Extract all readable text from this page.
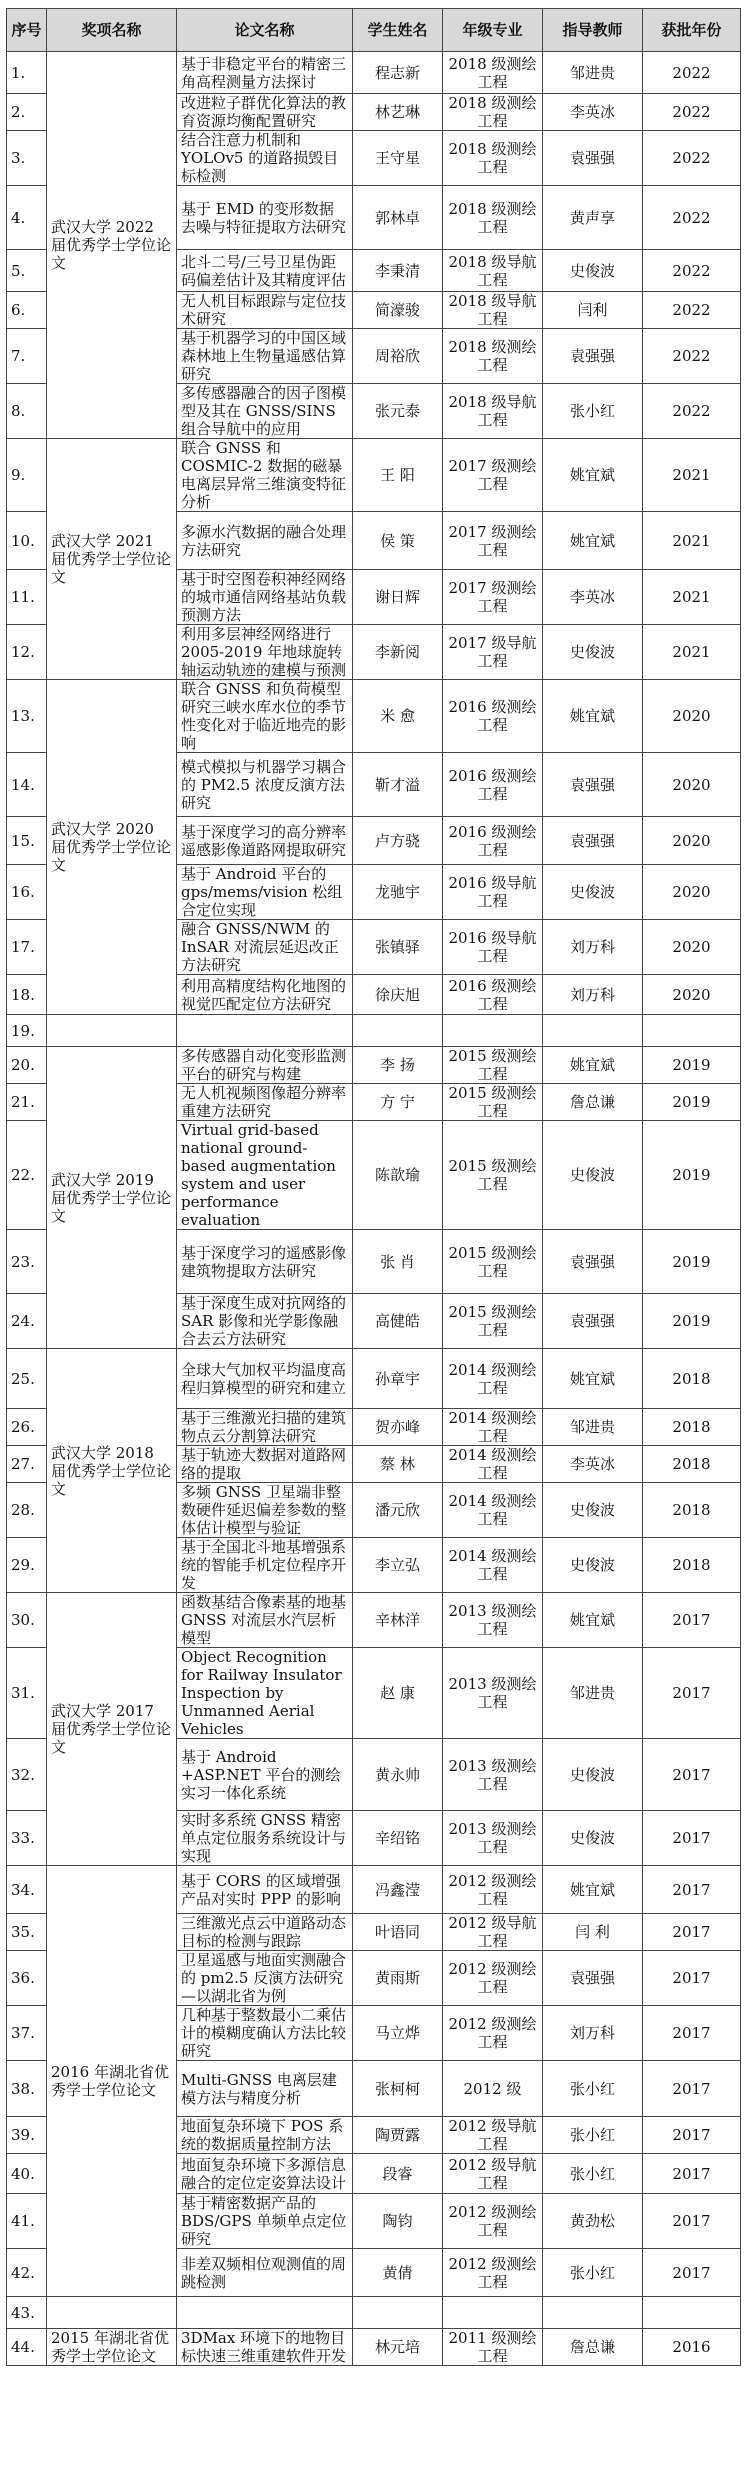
序号	奖项名称	论文名称	学生姓名	年级专业	指导教师	获批年份
1.	武汉大学 2022 届优秀学士学位论文	基于非稳定平台的精密三角高程测量方法探讨	程志新	2018 级测绘工程	邹进贵	2022
2.		改进粒子群优化算法的教育资源均衡配置研究	林艺琳	2018 级测绘工程	李英冰	2022
3.		结合注意力机制和 YOLOv5 的道路损毁目标检测	王守星	2018 级测绘工程	袁强强	2022
4.		基于 EMD 的变形数据去噪与特征提取方法研究	郭林卓	2018 级测绘工程	黄声享	2022
5.		北斗二号/三号卫星伪距码偏差估计及其精度评估	李秉清	2018 级导航工程	史俊波	2022
6.		无人机目标跟踪与定位技术研究	简濠骏	2018 级导航工程	闫利	2022
7.		基于机器学习的中国区域森林地上生物量遥感估算研究	周裕欣	2018 级测绘工程	袁强强	2022
8.		多传感器融合的因子图模型及其在 GNSS/SINS 组合导航中的应用	张元泰	2018 级导航工程	张小红	2022
9.	武汉大学 2021 届优秀学士学位论文	联合 GNSS 和 COSMIC-2 数据的磁暴电离层异常三维演变特征分析	王 阳	2017 级测绘工程	姚宜斌	2021
10.		多源水汽数据的融合处理方法研究	侯 策	2017 级测绘工程	姚宜斌	2021
11.		基于时空图卷积神经网络的城市通信网络基站负载预测方法	谢日辉	2017 级测绘工程	李英冰	2021
12.		利用多层神经网络进行 2005-2019 年地球旋转轴运动轨迹的建模与预测	李新阅	2017 级导航工程	史俊波	2021
13.	武汉大学 2020 届优秀学士学位论文	联合 GNSS 和负荷模型研究三峡水库水位的季节性变化对于临近地壳的影响	米 愈	2016 级测绘工程	姚宜斌	2020
14.		模式模拟与机器学习耦合的 PM2.5 浓度反演方法研究	靳才溢	2016 级测绘工程	袁强强	2020
15.		基于深度学习的高分辨率遥感影像道路网提取研究	卢方骁	2016 级测绘工程	袁强强	2020
16.		基于 Android 平台的 gps/mems/vision 松组合定位实现	龙驰宇	2016 级导航工程	史俊波	2020
17.		融合 GNSS/NWM 的 InSAR 对流层延迟改正方法研究	张镇驿	2016 级导航工程	刘万科	2020
18.		利用高精度结构化地图的视觉匹配定位方法研究	徐庆旭	2016 级测绘工程	刘万科	2020
19.						
20.	武汉大学 2019 届优秀学士学位论文	多传感器自动化变形监测平台的研究与构建	李 扬	2015 级测绘工程	姚宜斌	2019
21.		无人机视频图像超分辨率重建方法研究	方 宁	2015 级测绘工程	詹总谦	2019
22.		Virtual grid-based national ground-based augmentation system and user performance evaluation	陈歆瑜	2015 级测绘工程	史俊波	2019
23.		基于深度学习的遥感影像建筑物提取方法研究	张 肖	2015 级测绘工程	袁强强	2019
24.		基于深度生成对抗网络的 SAR 影像和光学影像融合去云方法研究	高健皓	2015 级测绘工程	袁强强	2019
25.	武汉大学 2018 届优秀学士学位论文	全球大气加权平均温度高程归算模型的研究和建立	孙章宇	2014 级测绘工程	姚宜斌	2018
26.		基于三维激光扫描的建筑物点云分割算法研究	贺亦峰	2014 级测绘工程	邹进贵	2018
27.		基于轨迹大数据对道路网络的提取	蔡 林	2014 级测绘工程	李英冰	2018
28.		多频 GNSS 卫星端非整数硬件延迟偏差参数的整体估计模型与验证	潘元欣	2014 级测绘工程	史俊波	2018
29.		基于全国北斗地基增强系统的智能手机定位程序开发	李立弘	2014 级测绘工程	史俊波	2018
30.	武汉大学 2017 届优秀学士学位论文	函数基结合像素基的地基 GNSS 对流层水汽层析模型	辛林洋	2013 级测绘工程	姚宜斌	2017
31.		Object Recognition for Railway Insulator Inspection by Unmanned Aerial Vehicles	赵 康	2013 级测绘工程	邹进贵	2017
32.		基于 Android +ASP.NET 平台的测绘实习一体化系统	黄永帅	2013 级测绘工程	史俊波	2017
33.		实时多系统 GNSS 精密单点定位服务系统设计与实现	辛绍铭	2013 级测绘工程	史俊波	2017
34.	2016 年湖北省优秀学士学位论文	基于 CORS 的区域增强产品对实时 PPP 的影响	冯鑫滢	2012 级测绘工程	姚宜斌	2017
35.		三维激光点云中道路动态目标的检测与跟踪	叶语同	2012 级导航工程	闫 利	2017
36.		卫星遥感与地面实测融合的 pm2.5 反演方法研究—以湖北省为例	黄雨斯	2012 级测绘工程	袁强强	2017
37.		几种基于整数最小二乘估计的模糊度确认方法比较研究	马立烨	2012 级测绘工程	刘万科	2017
38.		Multi-GNSS 电离层建模方法与精度分析	张柯柯	2012 级	张小红	2017
39.		地面复杂环境下 POS 系统的数据质量控制方法	陶贾露	2012 级导航工程	张小红	2017
40.		地面复杂环境下多源信息融合的定位定姿算法设计	段睿	2012 级导航工程	张小红	2017
41.		基于精密数据产品的 BDS/GPS 单频单点定位研究	陶钧	2012 级测绘工程	黄劲松	2017
42.		非差双频相位观测值的周跳检测	黄倩	2012 级测绘工程	张小红	2017
43.						
44.	2015 年湖北省优秀学士学位论文	3DMax 环境下的地物目标快速三维重建软件开发	林元培	2011 级测绘工程	詹总谦	2016
